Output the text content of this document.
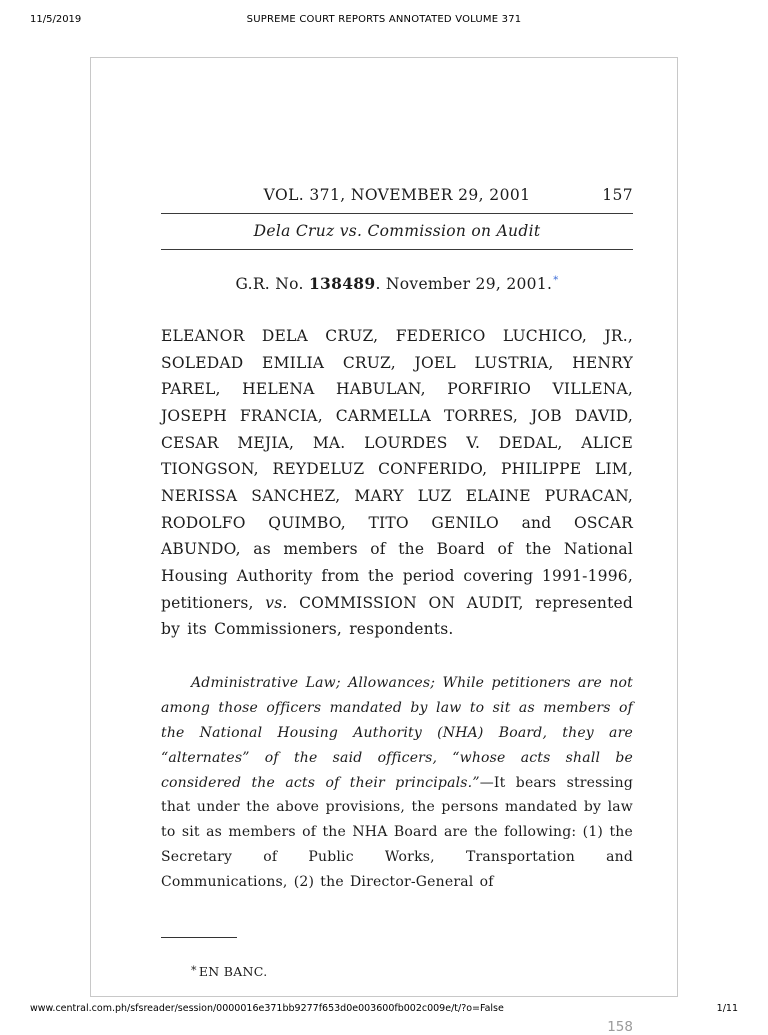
11/5/2019	SUPREME COURT REPORTS ANNOTATED VOLUME 371
VOL. 371, NOVEMBER 29, 2001	157
Dela Cruz vs. Commission on Audit
G.R. No. 138489. November 29, 2001.*

ELEANOR DELA CRUZ, FEDERICO LUCHICO, JR., SOLEDAD EMILIA CRUZ, JOEL LUSTRIA, HENRY PAREL, HELENA HABULAN, PORFIRIO VILLENA, JOSEPH FRANCIA, CARMELLA TORRES, JOB DAVID, CESAR MEJIA, MA. LOURDES V. DEDAL, ALICE TIONGSON, REYDELUZ CONFERIDO, PHILIPPE LIM, NERISSA SANCHEZ, MARY LUZ ELAINE PURACAN, RODOLFO QUIMBO, TITO GENILO and OSCAR ABUNDO, as members of the Board of the National Housing Authority from the period covering 1991-1996, petitioners, vs. COMMISSION ON AUDIT, represented by its Commissioners, respondents.

Administrative Law; Allowances; While petitioners are not among those officers mandated by law to sit as members of the National Housing Authority (NHA) Board, they are “alternates” of the said officers, “whose acts shall be considered the acts of their principals.”—It bears stressing that under the above provisions, the persons mandated by law to sit as members of the NHA Board are the following: (1) the Secretary of Public Works, Transportation and Communications, (2) the Director-General of

* EN BANC.
158
www.central.com.ph/sfsreader/session/0000016e371bb9277f653d0e003600fb002c009e/t/?o=False	1/11
